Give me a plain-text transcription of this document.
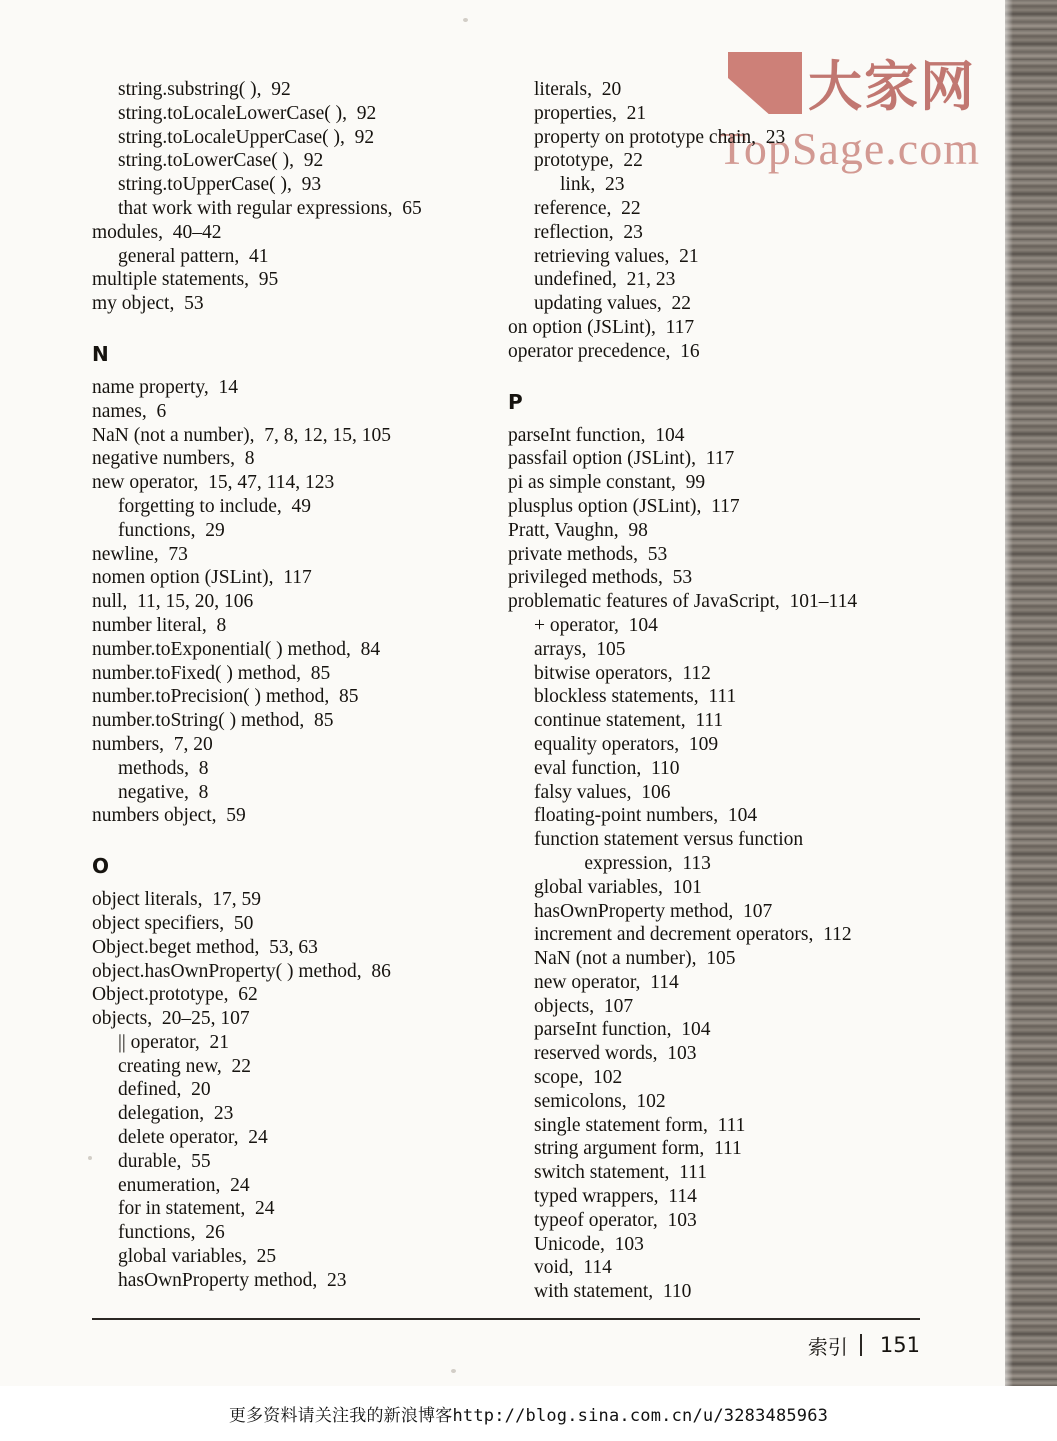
大家网
TopSage.com
string.substring( ),  92
string.toLocaleLowerCase( ),  92
string.toLocaleUpperCase( ),  92
string.toLowerCase( ),  92
string.toUpperCase( ),  93
that work with regular expressions,  65
modules,  40–42
general pattern,  41
multiple statements,  95
my object,  53
N
name property,  14
names,  6
NaN (not a number),  7, 8, 12, 15, 105
negative numbers,  8
new operator,  15, 47, 114, 123
forgetting to include,  49
functions,  29
newline,  73
nomen option (JSLint),  117
null,  11, 15, 20, 106
number literal,  8
number.toExponential( ) method,  84
number.toFixed( ) method,  85
number.toPrecision( ) method,  85
number.toString( ) method,  85
numbers,  7, 20
methods,  8
negative,  8
numbers object,  59
O
object literals,  17, 59
object specifiers,  50
Object.beget method,  53, 63
object.hasOwnProperty( ) method,  86
Object.prototype,  62
objects,  20–25, 107
|| operator,  21
creating new,  22
defined,  20
delegation,  23
delete operator,  24
durable,  55
enumeration,  24
for in statement,  24
functions,  26
global variables,  25
hasOwnProperty method,  23
literals,  20
properties,  21
property on prototype chain,  23
prototype,  22
link,  23
reference,  22
reflection,  23
retrieving values,  21
undefined,  21, 23
updating values,  22
on option (JSLint),  117
operator precedence,  16
P
parseInt function,  104
passfail option (JSLint),  117
pi as simple constant,  99
plusplus option (JSLint),  117
Pratt, Vaughn,  98
private methods,  53
privileged methods,  53
problematic features of JavaScript,  101–114
+ operator,  104
arrays,  105
bitwise operators,  112
blockless statements,  111
continue statement,  111
equality operators,  109
eval function,  110
falsy values,  106
floating-point numbers,  104
function statement versus function
expression,  113
global variables,  101
hasOwnProperty method,  107
increment and decrement operators,  112
NaN (not a number),  105
new operator,  114
objects,  107
parseInt function,  104
reserved words,  103
scope,  102
semicolons,  102
single statement form,  111
string argument form,  111
switch statement,  111
typed wrappers,  114
typeof operator,  103
Unicode,  103
void,  114
with statement,  110
索引 151
更多资料请关注我的新浪博客http://blog.sina.com.cn/u/3283485963
